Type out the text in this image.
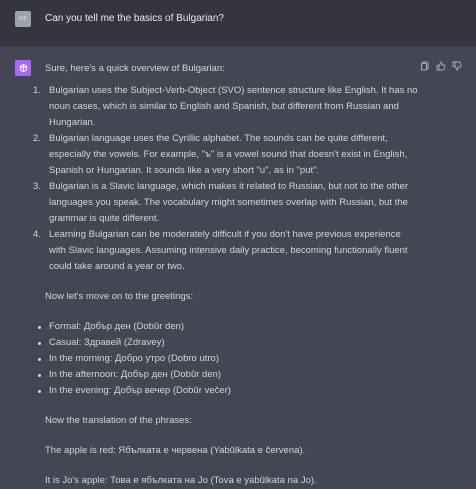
OF	Can you tell me the basics of Bulgarian?

Sure, here's a quick overview of Bulgarian:

1. Bulgarian uses the Subject-Verb-Object (SVO) sentence structure like English. It has no noun cases, which is similar to English and Spanish, but different from Russian and Hungarian.
2. Bulgarian language uses the Cyrillic alphabet. The sounds can be quite different, especially the vowels. For example, "ъ" is a vowel sound that doesn't exist in English, Spanish or Hungarian. It sounds like a very short "u", as in "put".
3. Bulgarian is a Slavic language, which makes it related to Russian, but not to the other languages you speak. The vocabulary might sometimes overlap with Russian, but the grammar is quite different.
4. Learning Bulgarian can be moderately difficult if you don't have previous experience with Slavic languages. Assuming intensive daily practice, becoming functionally fluent could take around a year or two.

Now let's move on to the greetings:

Formal: Добър ден (Dobŭr den)
Casual: Здравей (Zdravey)
In the morning: Добро утро (Dobro utro)
In the afternoon: Добър ден (Dobŭr den)
In the evening: Добър вечер (Dobŭr večer)

Now the translation of the phrases:

The apple is red: Ябълката е червена (Yabŭlkata e červena).

It is Jo's apple: Това е ябълката на Jo (Tova e yabŭlkata na Jo).
